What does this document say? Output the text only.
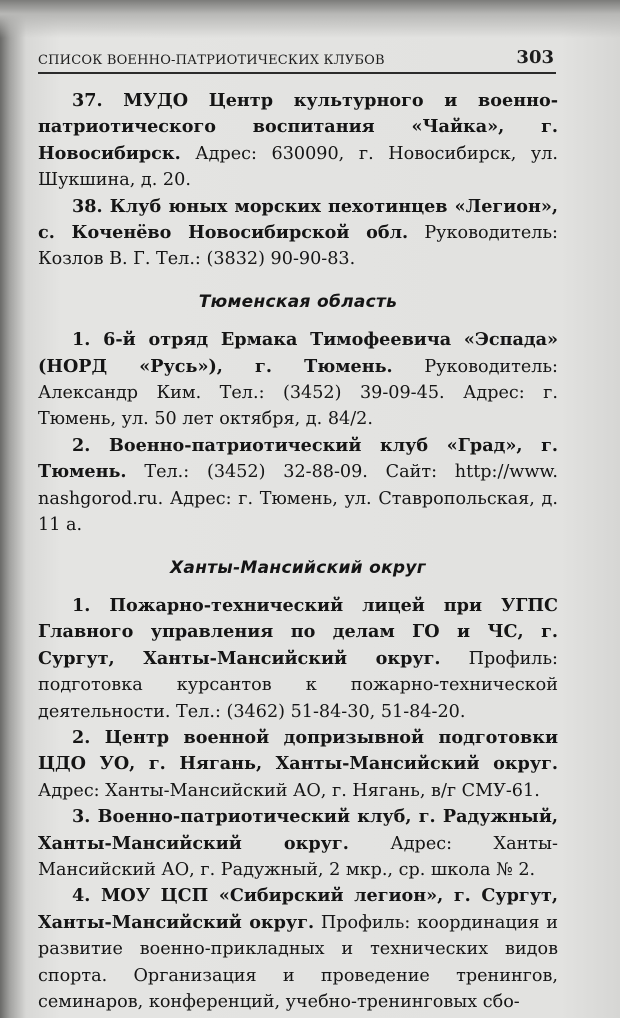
СПИСОК ВОЕННО-ПАТРИОТИЧЕСКИХ КЛУБОВ	303

37. МУДО Центр культурного и военно-патриотического воспитания «Чайка», г. Новосибирск. Адрес: 630090, г. Новосибирск, ул. Шукшина, д. 20.

38. Клуб юных морских пехотинцев «Легион», с. Коченёво Новосибирской обл. Руководитель: Козлов В. Г. Тел.: (3832) 90-90-83.

Тюменская область

1. 6-й отряд Ермака Тимофеевича «Эспада» (НОРД «Русь»), г. Тюмень. Руководитель: Александр Ким. Тел.: (3452) 39-09-45. Адрес: г. Тюмень, ул. 50 лет октября, д. 84/2.

2. Военно-патриотический клуб «Град», г. Тюмень. Тел.: (3452) 32-88-09. Сайт: http://www. nashgorod.ru. Адрес: г. Тюмень, ул. Ставропольская, д. 11 а.

Ханты-Мансийский округ

1. Пожарно-технический лицей при УГПС Главного управления по делам ГО и ЧС, г. Сургут, Ханты-Мансийский округ. Профиль: подготовка курсантов к пожарно-технической деятельности. Тел.: (3462) 51-84-30, 51-84-20.

2. Центр военной допризывной подготовки ЦДО УО, г. Нягань, Ханты-Мансийский округ. Адрес: Ханты-Мансийский АО, г. Нягань, в/г СМУ-61.

3. Военно-патриотический клуб, г. Радужный, Ханты-Мансийский округ. Адрес: Ханты-Мансийский АО, г. Радужный, 2 мкр., ср. школа № 2.

4. МОУ ЦСП «Сибирский легион», г. Сургут, Ханты-Мансийский округ. Профиль: координация и развитие военно-прикладных и технических видов спорта. Организация и проведение тренингов, семинаров, конференций, учебно-тренинговых сбо-
